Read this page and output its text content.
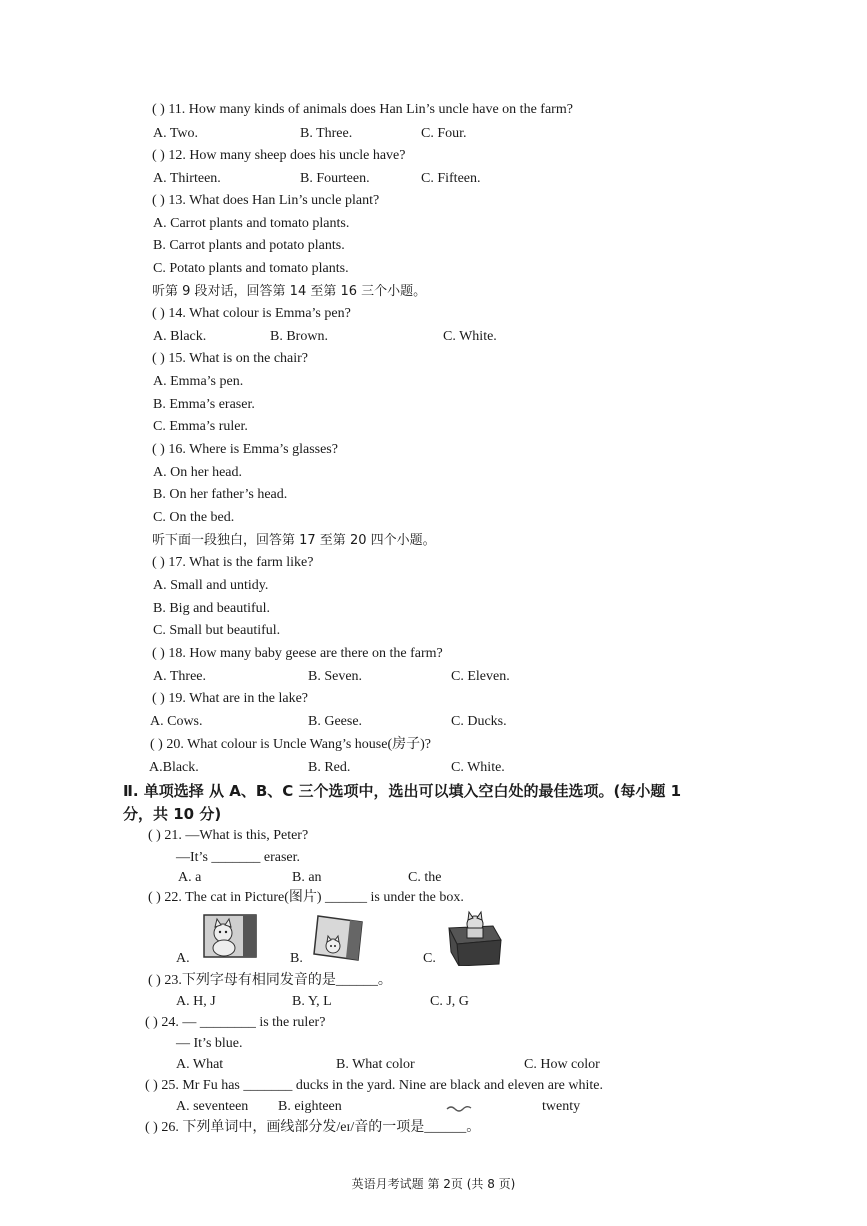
( ) 11. How many kinds of animals does Han Lin’s uncle have on the farm?
A. Two.	B. Three.	C. Four.
( ) 12. How many sheep does his uncle have?
A. Thirteen.	B. Fourteen.	C. Fifteen.
( ) 13. What does Han Lin’s uncle plant?
A. Carrot plants and tomato plants.
B. Carrot plants and potato plants.
C. Potato plants and tomato plants.
听第 9 段对话，回答第 14 至第 16 三个小题。
( ) 14. What colour is Emma’s pen?
A. Black.	B. Brown.	C. White.
( ) 15. What is on the chair?
A. Emma’s pen.
B. Emma’s eraser.
C. Emma’s ruler.
( ) 16. Where is Emma’s glasses?
A. On her head.
B. On her father’s head.
C. On the bed.
听下面一段独白，回答第 17 至第 20 四个小题。
( ) 17. What is the farm like?
A. Small and untidy.
B. Big and beautiful.
C. Small but beautiful.
( ) 18. How many baby geese are there on the farm?
A. Three.	B. Seven.	C. Eleven.
( ) 19. What are in the lake?
A. Cows.	B. Geese.	C. Ducks.
( ) 20. What colour is Uncle Wang’s house(房子)?
A.Black.	B. Red.	C. White.
Ⅱ. 单项选择 从 A、B、C 三个选项中，选出可以填入空白处的最佳选项。(每小题 1
分，共 10 分)
( ) 21. —What is this, Peter?
—It’s _______ eraser.
A. a	B. an	C. the
( ) 22. The cat in Picture(图片) ______ is under the box.
A.	B.	C.
( ) 23.下列字母有相同发音的是______。
A. H, J	B. Y, L	C. J, G
( ) 24. — ________ is the ruler?
— It’s blue.
A. What	B. What color	C. How color
( ) 25. Mr Fu has _______ ducks in the yard. Nine are black and eleven are white.
A. seventeen B. eighteen	twenty
( ) 26. 下列单词中，画线部分发/eɪ/音的一项是______。
英语月考试题 第 2页 (共 8 页)
